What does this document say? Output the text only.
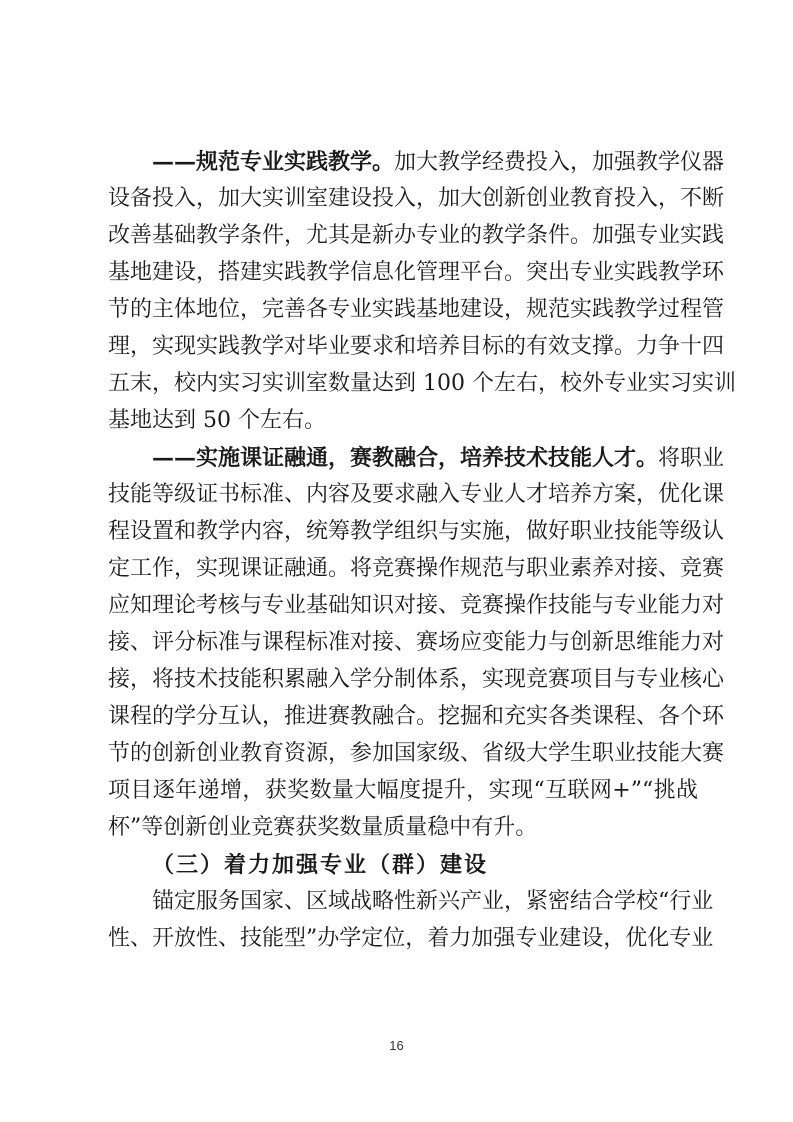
——规范专业实践教学。加大教学经费投入，加强教学仪器
设备投入，加大实训室建设投入，加大创新创业教育投入，不断
改善基础教学条件，尤其是新办专业的教学条件。加强专业实践
基地建设，搭建实践教学信息化管理平台。突出专业实践教学环
节的主体地位，完善各专业实践基地建设，规范实践教学过程管
理，实现实践教学对毕业要求和培养目标的有效支撑。力争十四
五末，校内实习实训室数量达到 100 个左右，校外专业实习实训
基地达到 50 个左右。
——实施课证融通，赛教融合，培养技术技能人才。将职业
技能等级证书标准、内容及要求融入专业人才培养方案，优化课
程设置和教学内容，统筹教学组织与实施，做好职业技能等级认
定工作，实现课证融通。将竞赛操作规范与职业素养对接、竞赛
应知理论考核与专业基础知识对接、竞赛操作技能与专业能力对
接、评分标准与课程标准对接、赛场应变能力与创新思维能力对
接，将技术技能积累融入学分制体系，实现竞赛项目与专业核心
课程的学分互认，推进赛教融合。挖掘和充实各类课程、各个环
节的创新创业教育资源，参加国家级、省级大学生职业技能大赛
项目逐年递增，获奖数量大幅度提升，实现“互联网+”“挑战
杯”等创新创业竞赛获奖数量质量稳中有升。
（三）着力加强专业（群）建设
锚定服务国家、区域战略性新兴产业，紧密结合学校“行业
性、开放性、技能型”办学定位，着力加强专业建设，优化专业
16
